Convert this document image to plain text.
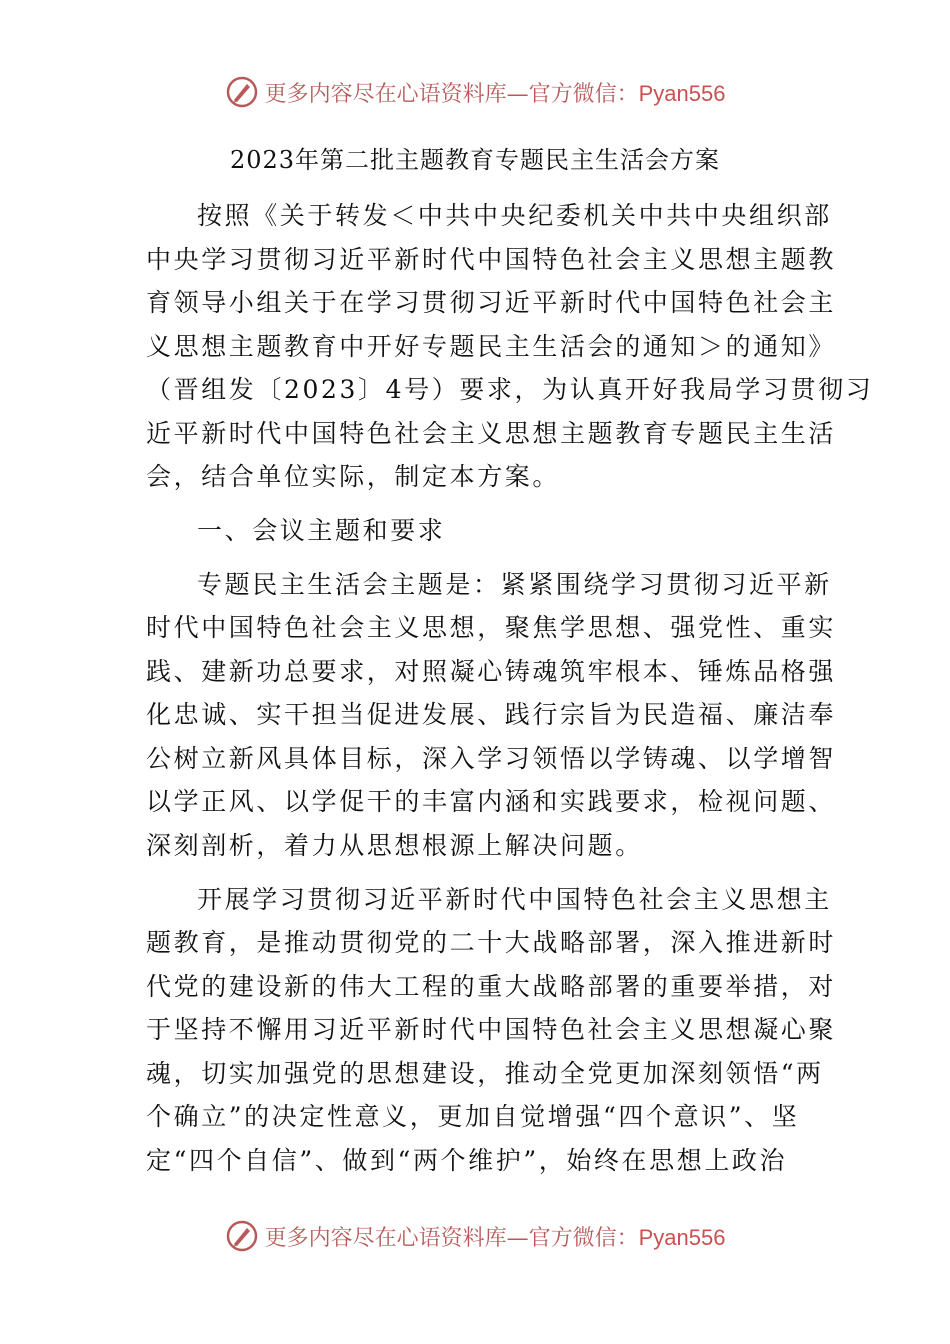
更多内容尽在心语资料库—官方微信：Pyan556
2023年第二批主题教育专题民主生活会方案
按照《关于转发＜中共中央纪委机关中共中央组织部
中央学习贯彻习近平新时代中国特色社会主义思想主题教
育领导小组关于在学习贯彻习近平新时代中国特色社会主
义思想主题教育中开好专题民主生活会的通知＞的通知》
（晋组发〔2023〕4号）要求，为认真开好我局学习贯彻习
近平新时代中国特色社会主义思想主题教育专题民主生活
会，结合单位实际，制定本方案。
一、会议主题和要求
专题民主生活会主题是：紧紧围绕学习贯彻习近平新
时代中国特色社会主义思想，聚焦学思想、强党性、重实
践、建新功总要求，对照凝心铸魂筑牢根本、锤炼品格强
化忠诚、实干担当促进发展、践行宗旨为民造福、廉洁奉
公树立新风具体目标，深入学习领悟以学铸魂、以学增智
以学正风、以学促干的丰富内涵和实践要求，检视问题、
深刻剖析，着力从思想根源上解决问题。
开展学习贯彻习近平新时代中国特色社会主义思想主
题教育，是推动贯彻党的二十大战略部署，深入推进新时
代党的建设新的伟大工程的重大战略部署的重要举措，对
于坚持不懈用习近平新时代中国特色社会主义思想凝心聚
魂，切实加强党的思想建设，推动全党更加深刻领悟“两
个确立”的决定性意义，更加自觉增强“四个意识”、坚
定“四个自信”、做到“两个维护”，始终在思想上政治
更多内容尽在心语资料库—官方微信：Pyan556
